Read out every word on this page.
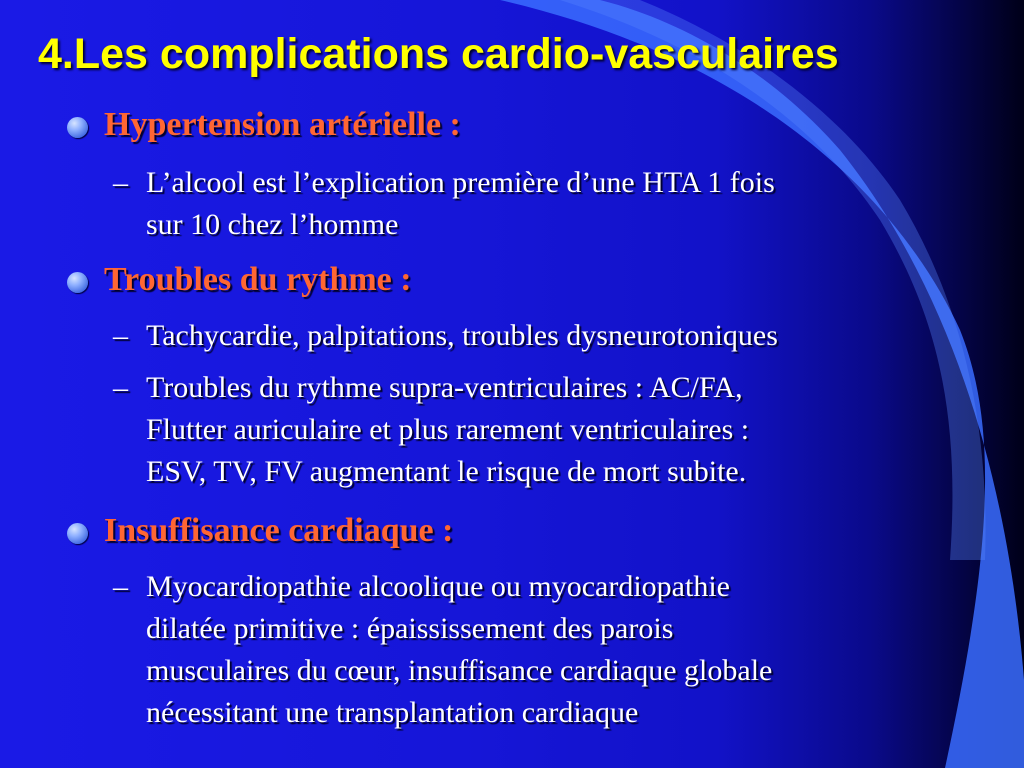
4.Les complications cardio-vasculaires
Hypertension artérielle :
– L’alcool est l’explication première d’une HTA 1 fois
sur 10 chez l’homme
Troubles du rythme :
– Tachycardie, palpitations, troubles dysneurotoniques
– Troubles du rythme supra-ventriculaires : AC/FA,
Flutter auriculaire et plus rarement ventriculaires :
ESV, TV, FV augmentant le risque de mort subite.
Insuffisance cardiaque :
– Myocardiopathie alcoolique ou myocardiopathie
dilatée primitive : épaississement des parois
musculaires du cœur, insuffisance cardiaque globale
nécessitant une transplantation cardiaque
